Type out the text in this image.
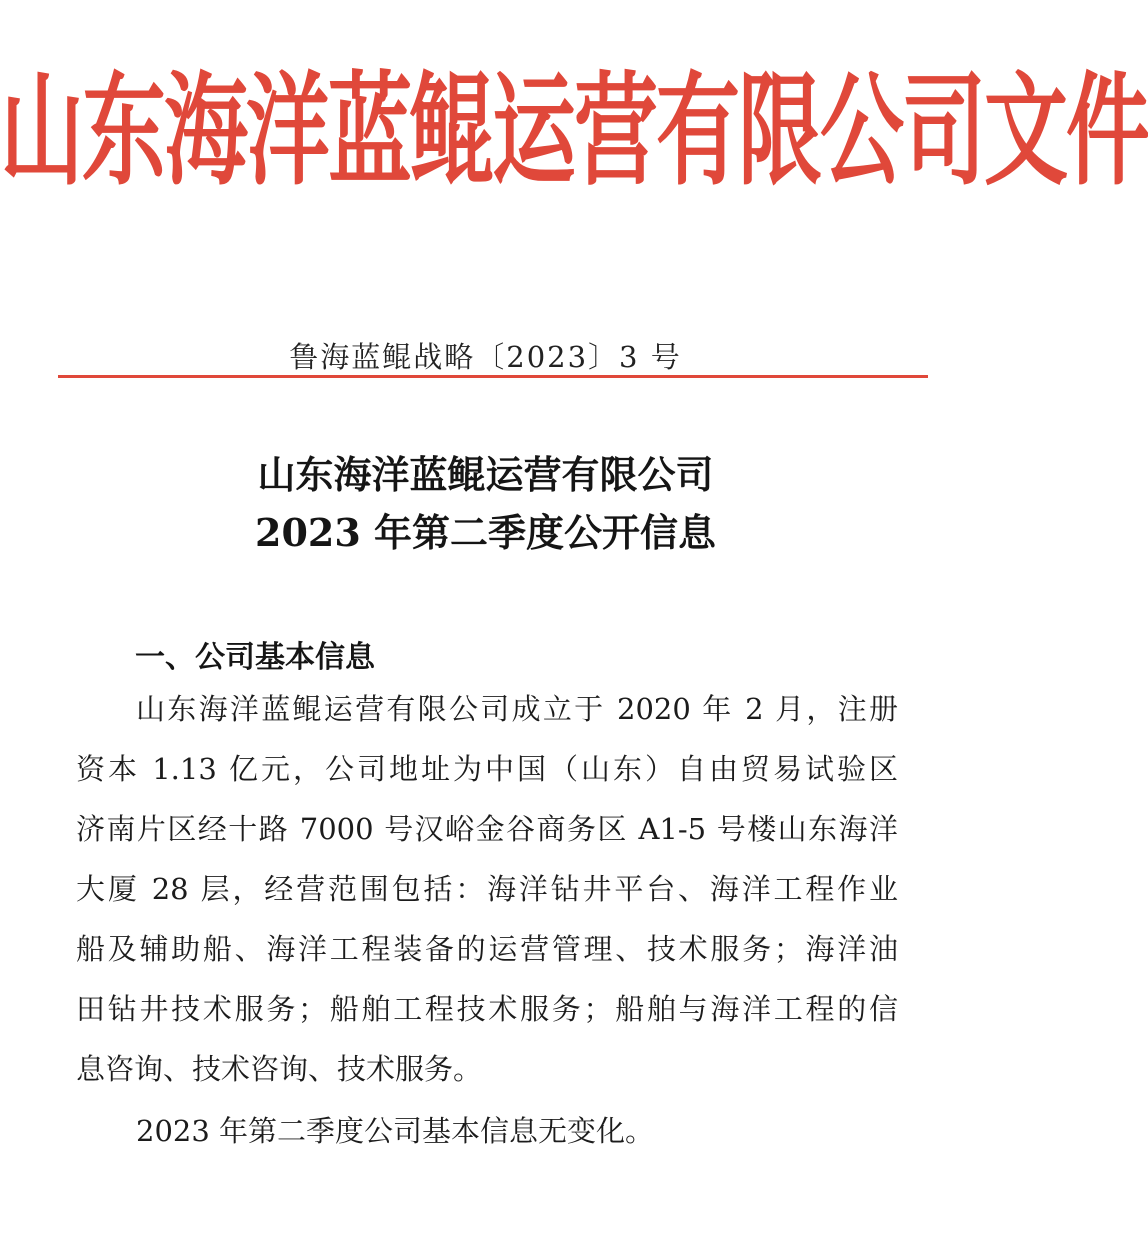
山东海洋蓝鲲运营有限公司文件
鲁海蓝鲲战略〔2023〕3 号
山东海洋蓝鲲运营有限公司
2023 年第二季度公开信息
一、公司基本信息
山东海洋蓝鲲运营有限公司成立于 2020 年 2 月，注册
资本 1.13 亿元，公司地址为中国（山东）自由贸易试验区
济南片区经十路 7000 号汉峪金谷商务区 A1-5 号楼山东海洋
大厦 28 层，经营范围包括：海洋钻井平台、海洋工程作业
船及辅助船、海洋工程装备的运营管理、技术服务；海洋油
田钻井技术服务；船舶工程技术服务；船舶与海洋工程的信
息咨询、技术咨询、技术服务。
2023 年第二季度公司基本信息无变化。
